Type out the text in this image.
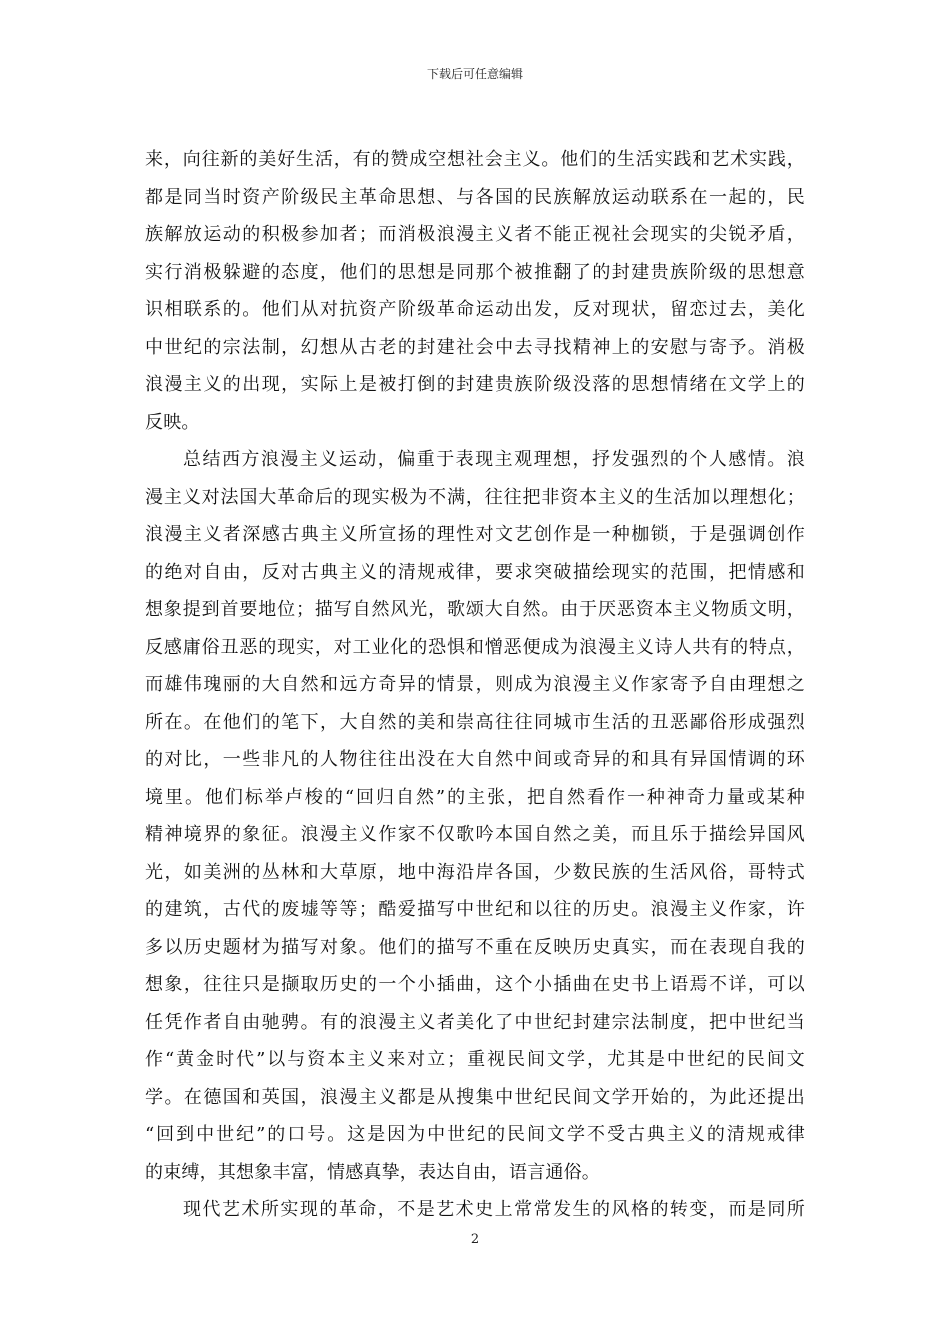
下载后可任意编辑
来，向往新的美好生活，有的赞成空想社会主义。他们的生活实践和艺术实践，
都是同当时资产阶级民主革命思想、与各国的民族解放运动联系在一起的，民
族解放运动的积极参加者；而消极浪漫主义者不能正视社会现实的尖锐矛盾，
实行消极躲避的态度，他们的思想是同那个被推翻了的封建贵族阶级的思想意
识相联系的。他们从对抗资产阶级革命运动出发，反对现状，留恋过去，美化
中世纪的宗法制，幻想从古老的封建社会中去寻找精神上的安慰与寄予。消极
浪漫主义的出现，实际上是被打倒的封建贵族阶级没落的思想情绪在文学上的
反映。
总结西方浪漫主义运动，偏重于表现主观理想，抒发强烈的个人感情。浪
漫主义对法国大革命后的现实极为不满，往往把非资本主义的生活加以理想化；
浪漫主义者深感古典主义所宣扬的理性对文艺创作是一种枷锁，于是强调创作
的绝对自由，反对古典主义的清规戒律，要求突破描绘现实的范围，把情感和
想象提到首要地位；描写自然风光，歌颂大自然。由于厌恶资本主义物质文明，
反感庸俗丑恶的现实，对工业化的恐惧和憎恶便成为浪漫主义诗人共有的特点，
而雄伟瑰丽的大自然和远方奇异的情景，则成为浪漫主义作家寄予自由理想之
所在。在他们的笔下，大自然的美和崇高往往同城市生活的丑恶鄙俗形成强烈
的对比，一些非凡的人物往往出没在大自然中间或奇异的和具有异国情调的环
境里。他们标举卢梭的“回归自然”的主张，把自然看作一种神奇力量或某种
精神境界的象征。浪漫主义作家不仅歌吟本国自然之美，而且乐于描绘异国风
光，如美洲的丛林和大草原，地中海沿岸各国，少数民族的生活风俗，哥特式
的建筑，古代的废墟等等；酷爱描写中世纪和以往的历史。浪漫主义作家，许
多以历史题材为描写对象。他们的描写不重在反映历史真实，而在表现自我的
想象，往往只是撷取历史的一个小插曲，这个小插曲在史书上语焉不详，可以
任凭作者自由驰骋。有的浪漫主义者美化了中世纪封建宗法制度，把中世纪当
作“黄金时代”以与资本主义来对立；重视民间文学，尤其是中世纪的民间文
学。在德国和英国，浪漫主义都是从搜集中世纪民间文学开始的，为此还提出
“回到中世纪”的口号。这是因为中世纪的民间文学不受古典主义的清规戒律
的束缚，其想象丰富，情感真挚，表达自由，语言通俗。
现代艺术所实现的革命，不是艺术史上常常发生的风格的转变，而是同所
2
